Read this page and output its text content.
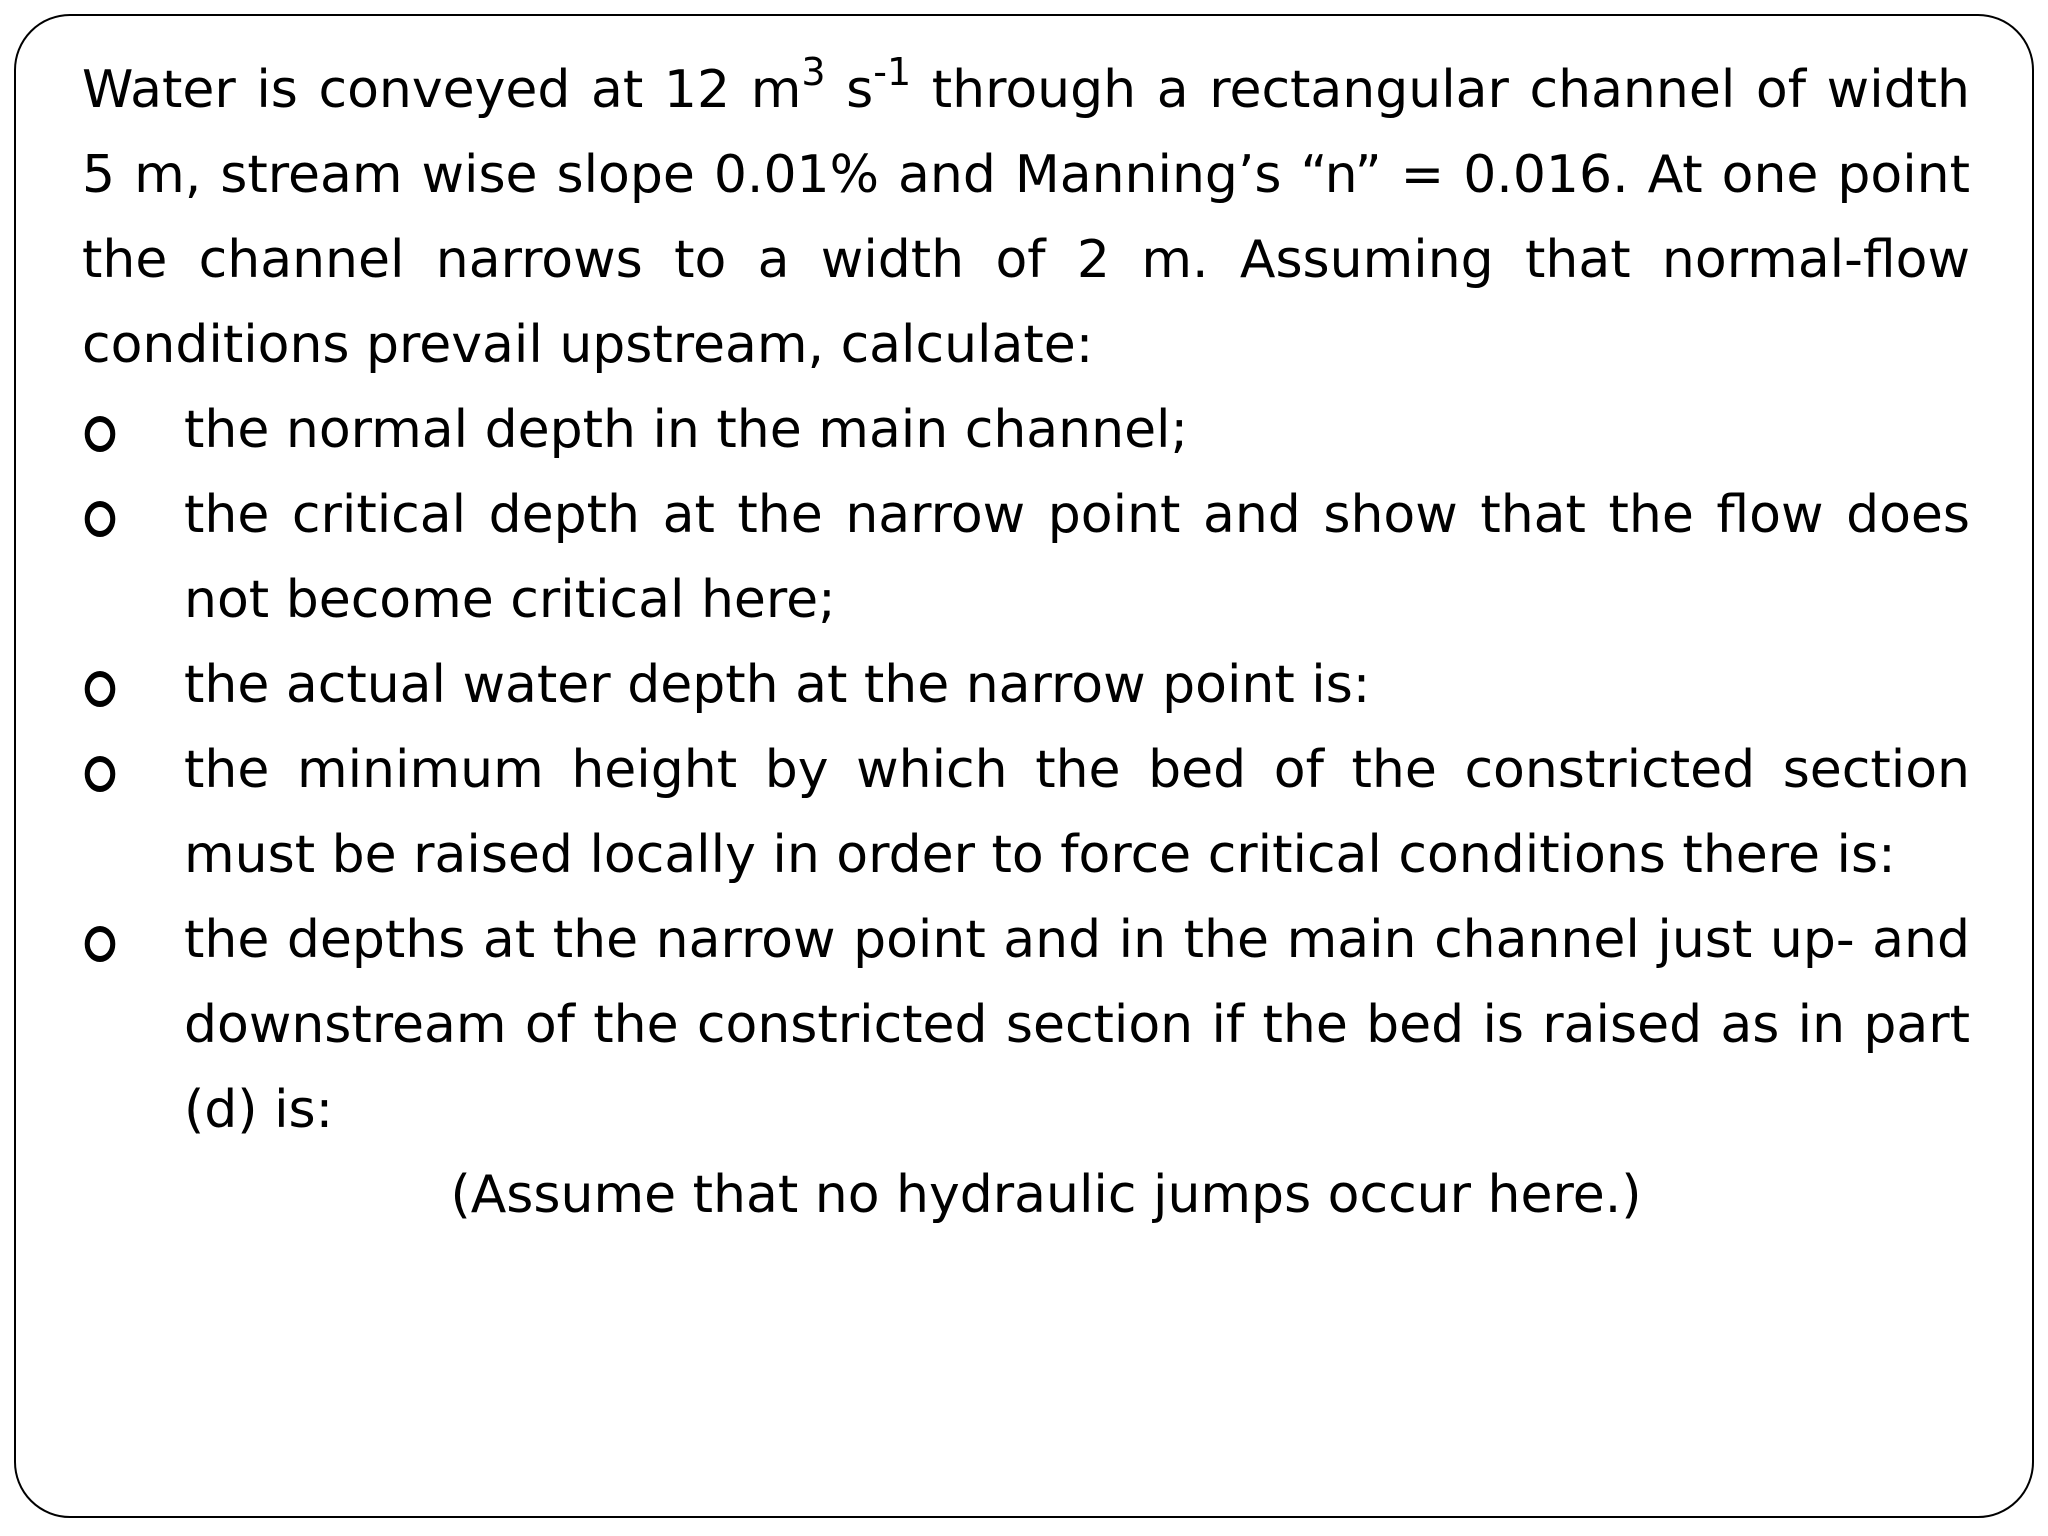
Water is conveyed at 12 $m^3$ $s^{-1}$ through a rectangular channel of width 5 m, stream wise slope 0.01% and Manning’s “n” = 0.016. At one point the channel narrows to a width of 2 m. Assuming that normal-flow conditions prevail upstream, calculate:

the normal depth in the main channel;
the critical depth at the narrow point and show that the flow does not become critical here;
the actual water depth at the narrow point is:
the minimum height by which the bed of the constricted section must be raised locally in order to force critical conditions there is:
the depths at the narrow point and in the main channel just up- and downstream of the constricted section if the bed is raised as in part (d) is:

(Assume that no hydraulic jumps occur here.)
